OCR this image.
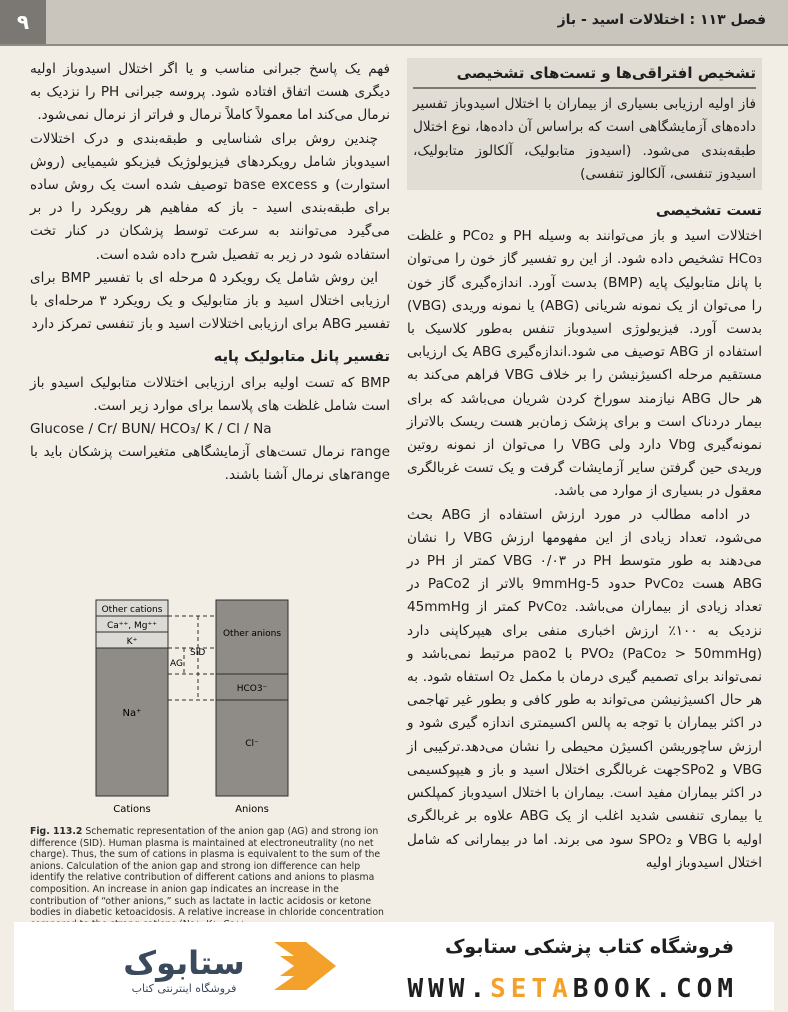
۹	فصل ۱۱۳ : اختلالات اسید - باز
تشخیص افتراقی‌ها و تست‌های تشخیصی

فاز اولیه ارزیابی بسیاری از بیماران با اختلال اسیدوباز تفسیر داده‌های آزمایشگاهی است که براساس آن داده‌ها، نوع اختلال طبقه‌بندی می‌شود. (اسیدوز متابولیک، آلکالوز متابولیک، اسیدوز تنفسی، آلکالوز تنفسی)

تست تشخیصی

اختلالات اسید و باز می‌توانند به وسیله PH و PCo₂ و غلظت HCo₃ تشخیص داده شود. از این رو تفسیر گاز خون را می‌توان با پانل متابولیک پایه (BMP) بدست آورد. اندازه‌گیری گاز خون را می‌توان از یک نمونه شریانی (ABG) یا نمونه وریدی (VBG) بدست آورد. فیزیولوژی اسیدوباز تنفس به‌طور کلاسیک با استفاده از ABG توصیف می شود.اندازه‌گیری ABG یک ارزیابی مستقیم مرحله اکسیژنیشن را بر خلاف VBG فراهم می‌کند به هر حال ABG نیازمند سوراخ کردن شریان می‌باشد که برای بیمار دردناک است و برای پزشک زمان‌بر هست ریسک بالاتراز نمونه‌گیری Vbg دارد ولی VBG را می‌توان از نمونه روتین وریدی حین گرفتن سایر آزمایشات گرفت و یک تست غربالگری معقول در بسیاری از موارد می باشد.

در ادامه مطالب در مورد ارزش استفاده از ABG بحث می‌شود، تعداد زیادی از این مفهومها ارزش VBG را نشان می‌دهند به طور متوسط PH در VBG ۰/۰۳ کمتر از PH در ABG هست PvCo₂ حدود 5-9mmHg بالاتر از PaCo2 در تعداد زیادی از بیماران می‌باشد. PvCo₂ کمتر از 45mmHg نزدیک به ۱۰۰٪ ارزش اخباری منفی برای هیپرکاپنی دارد (PaCo₂ > 50mmHg) PVO₂ با pao2 مرتبط نمی‌باشد و نمی‌تواند برای تصمیم گیری درمان با مکمل O₂ استفاه شود. به هر حال اکسیژنیشن می‌تواند به طور کافی و بطور غیر تهاجمی در اکثر بیماران با توجه به پالس اکسیمتری اندازه گیری شود و ارزش ساچوریشن اکسیژن محیطی را نشان می‌دهد.ترکیبی از VBG و SPo2جهت غربالگری اختلال اسید و باز و هیپوکسیمی در اکثر بیماران مفید است. بیماران با اختلال اسیدوباز کمپلکس یا بیماری تنفسی شدید اغلب از یک ABG علاوه بر غربالگری اولیه با VBG و SPO₂ سود می برند. اما در بیمارانی که شامل اختلال اسیدوباز اولیه

فهم یک پاسخ جبرانی مناسب و یا اگر اختلال اسیدوباز اولیه دیگری هست اتفاق افتاده شود. پروسه جبرانی PH را نزدیک به نرمال می‌کند اما معمولاً کاملاً نرمال و فراتر از نرمال نمی‌شود.

چندین روش برای شناسایی و طبقه‌بندی و درک اختلالات اسیدوباز شامل رویکردهای فیزیولوژیک فیزیکو شیمیایی (روش استوارت) و base excess توصیف شده است یک روش ساده برای طبقه‌بندی اسید - باز که مفاهیم هر رویکرد را در بر می‌گیرد می‌توانند به سرعت توسط پزشکان در کنار تخت استفاده شود در زیر به تفصیل شرح داده شده است.

این روش شامل یک رویکرد ۵ مرحله ای با تفسیر BMP برای ارزیابی اختلال اسید و باز متابولیک و یک رویکرد ۳ مرحله‌ای با تفسیر ABG برای ارزیابی اختلالات اسید و باز تنفسی تمرکز دارد

تفسیر پانل متابولیک پایه

BMP که تست اولیه برای ارزیابی اختلالات متابولیک اسیدو باز است شامل غلظت های پلاسما برای موارد زیر است.

Glucose / Cr/ BUN/ HCO₃/ K / Cl / Na

range نرمال تست‌های آزمایشگاهی متغیراست پزشکان باید با rangeهای نرمال آشنا باشند.

Other cations
Ca⁺⁺, Mg⁺⁺
K⁺
Na⁺
Other anions
HCO3⁻
Cl⁻
SID
AG
Cations	Anions
Fig. 113.2 Schematic representation of the anion gap (AG) and strong ion difference (SID). Human plasma is maintained at electroneutrality (no net charge). Thus, the sum of cations in plasma is equivalent to the sum of the anions. Calculation of the anion gap and strong ion difference can help identify the relative contribution of different cations and anions to plasma composition. An increase in anion gap indicates an increase in the contribution of “other anions,” such as lactate in lactic acidosis or ketone bodies in diabetic ketoacidosis. A relative increase in chloride concentration
ستابوک
فروشگاه اینترنتی کتاب
فروشگاه کتاب پزشکی ستابوک
WWW.SETABOOK.COM
